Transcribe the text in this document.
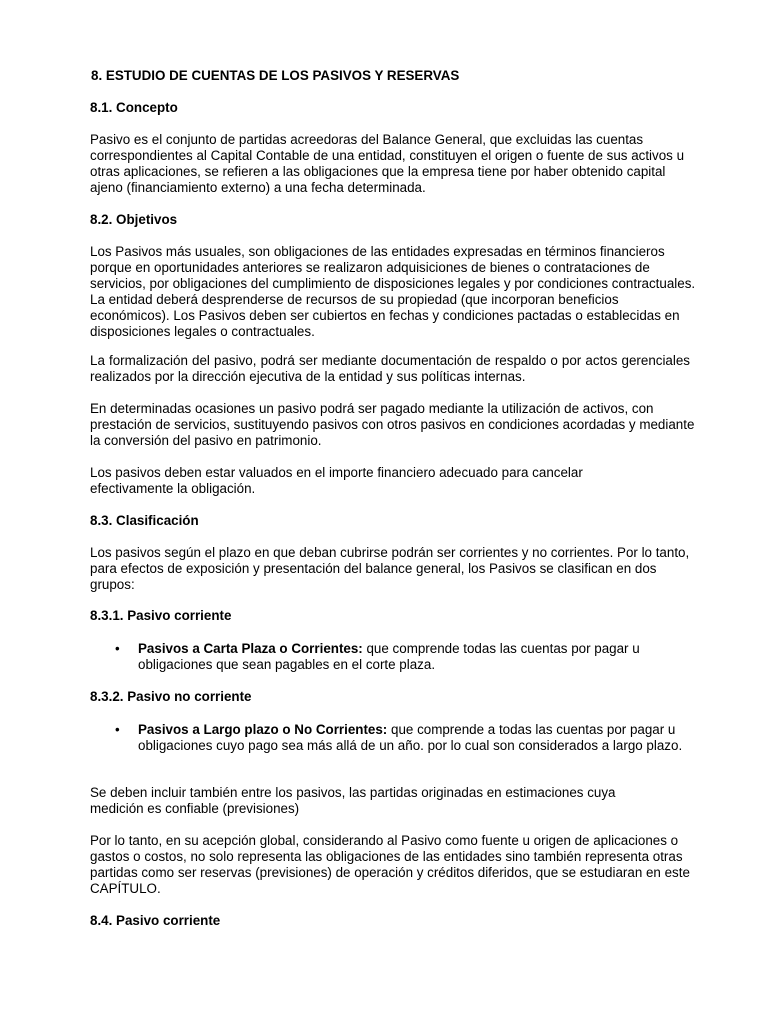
8. ESTUDIO DE CUENTAS DE LOS PASIVOS Y RESERVAS

8.1. Concepto

Pasivo es el conjunto de partidas acreedoras del Balance General, que excluidas las cuentas correspondientes al Capital Contable de una entidad, constituyen el origen o fuente de sus activos u otras aplicaciones, se refieren a las obligaciones que la empresa tiene por haber obtenido capital ajeno (financiamiento externo) a una fecha determinada.

8.2. Objetivos

Los Pasivos más usuales, son obligaciones de las entidades expresadas en términos financieros porque en oportunidades anteriores se realizaron adquisiciones de bienes o contrataciones de servicios, por obligaciones del cumplimiento de disposiciones legales y por condiciones contractuales. La entidad deberá desprenderse de recursos de su propiedad (que incorporan beneficios económicos). Los Pasivos deben ser cubiertos en fechas y condiciones pactadas o establecidas en disposiciones legales o contractuales.

La formalización del pasivo, podrá ser mediante documentación de respaldo o por actos gerenciales realizados por la dirección ejecutiva de la entidad y sus políticas internas.

En determinadas ocasiones un pasivo podrá ser pagado mediante la utilización de activos, con prestación de servicios, sustituyendo pasivos con otros pasivos en condiciones acordadas y mediante la conversión del pasivo en patrimonio.

Los pasivos deben estar valuados en el importe financiero adecuado para cancelar efectivamente la obligación.

8.3. Clasificación

Los pasivos según el plazo en que deban cubrirse podrán ser corrientes y no corrientes. Por lo tanto, para efectos de exposición y presentación del balance general, los Pasivos se clasifican en dos grupos:

8.3.1. Pasivo corriente

• Pasivos a Carta Plaza o Corrientes: que comprende todas las cuentas por pagar u obligaciones que sean pagables en el corte plaza.

8.3.2. Pasivo no corriente

• Pasivos a Largo plazo o No Corrientes: que comprende a todas las cuentas por pagar u obligaciones cuyo pago sea más allá de un año. por lo cual son considerados a largo plazo.

Se deben incluir también entre los pasivos, las partidas originadas en estimaciones cuya medición es confiable (previsiones)

Por lo tanto, en su acepción global, considerando al Pasivo como fuente u origen de aplicaciones o gastos o costos, no solo representa las obligaciones de las entidades sino también representa otras partidas como ser reservas (previsiones) de operación y créditos diferidos, que se estudiaran en este CAPÍTULO.

8.4. Pasivo corriente
